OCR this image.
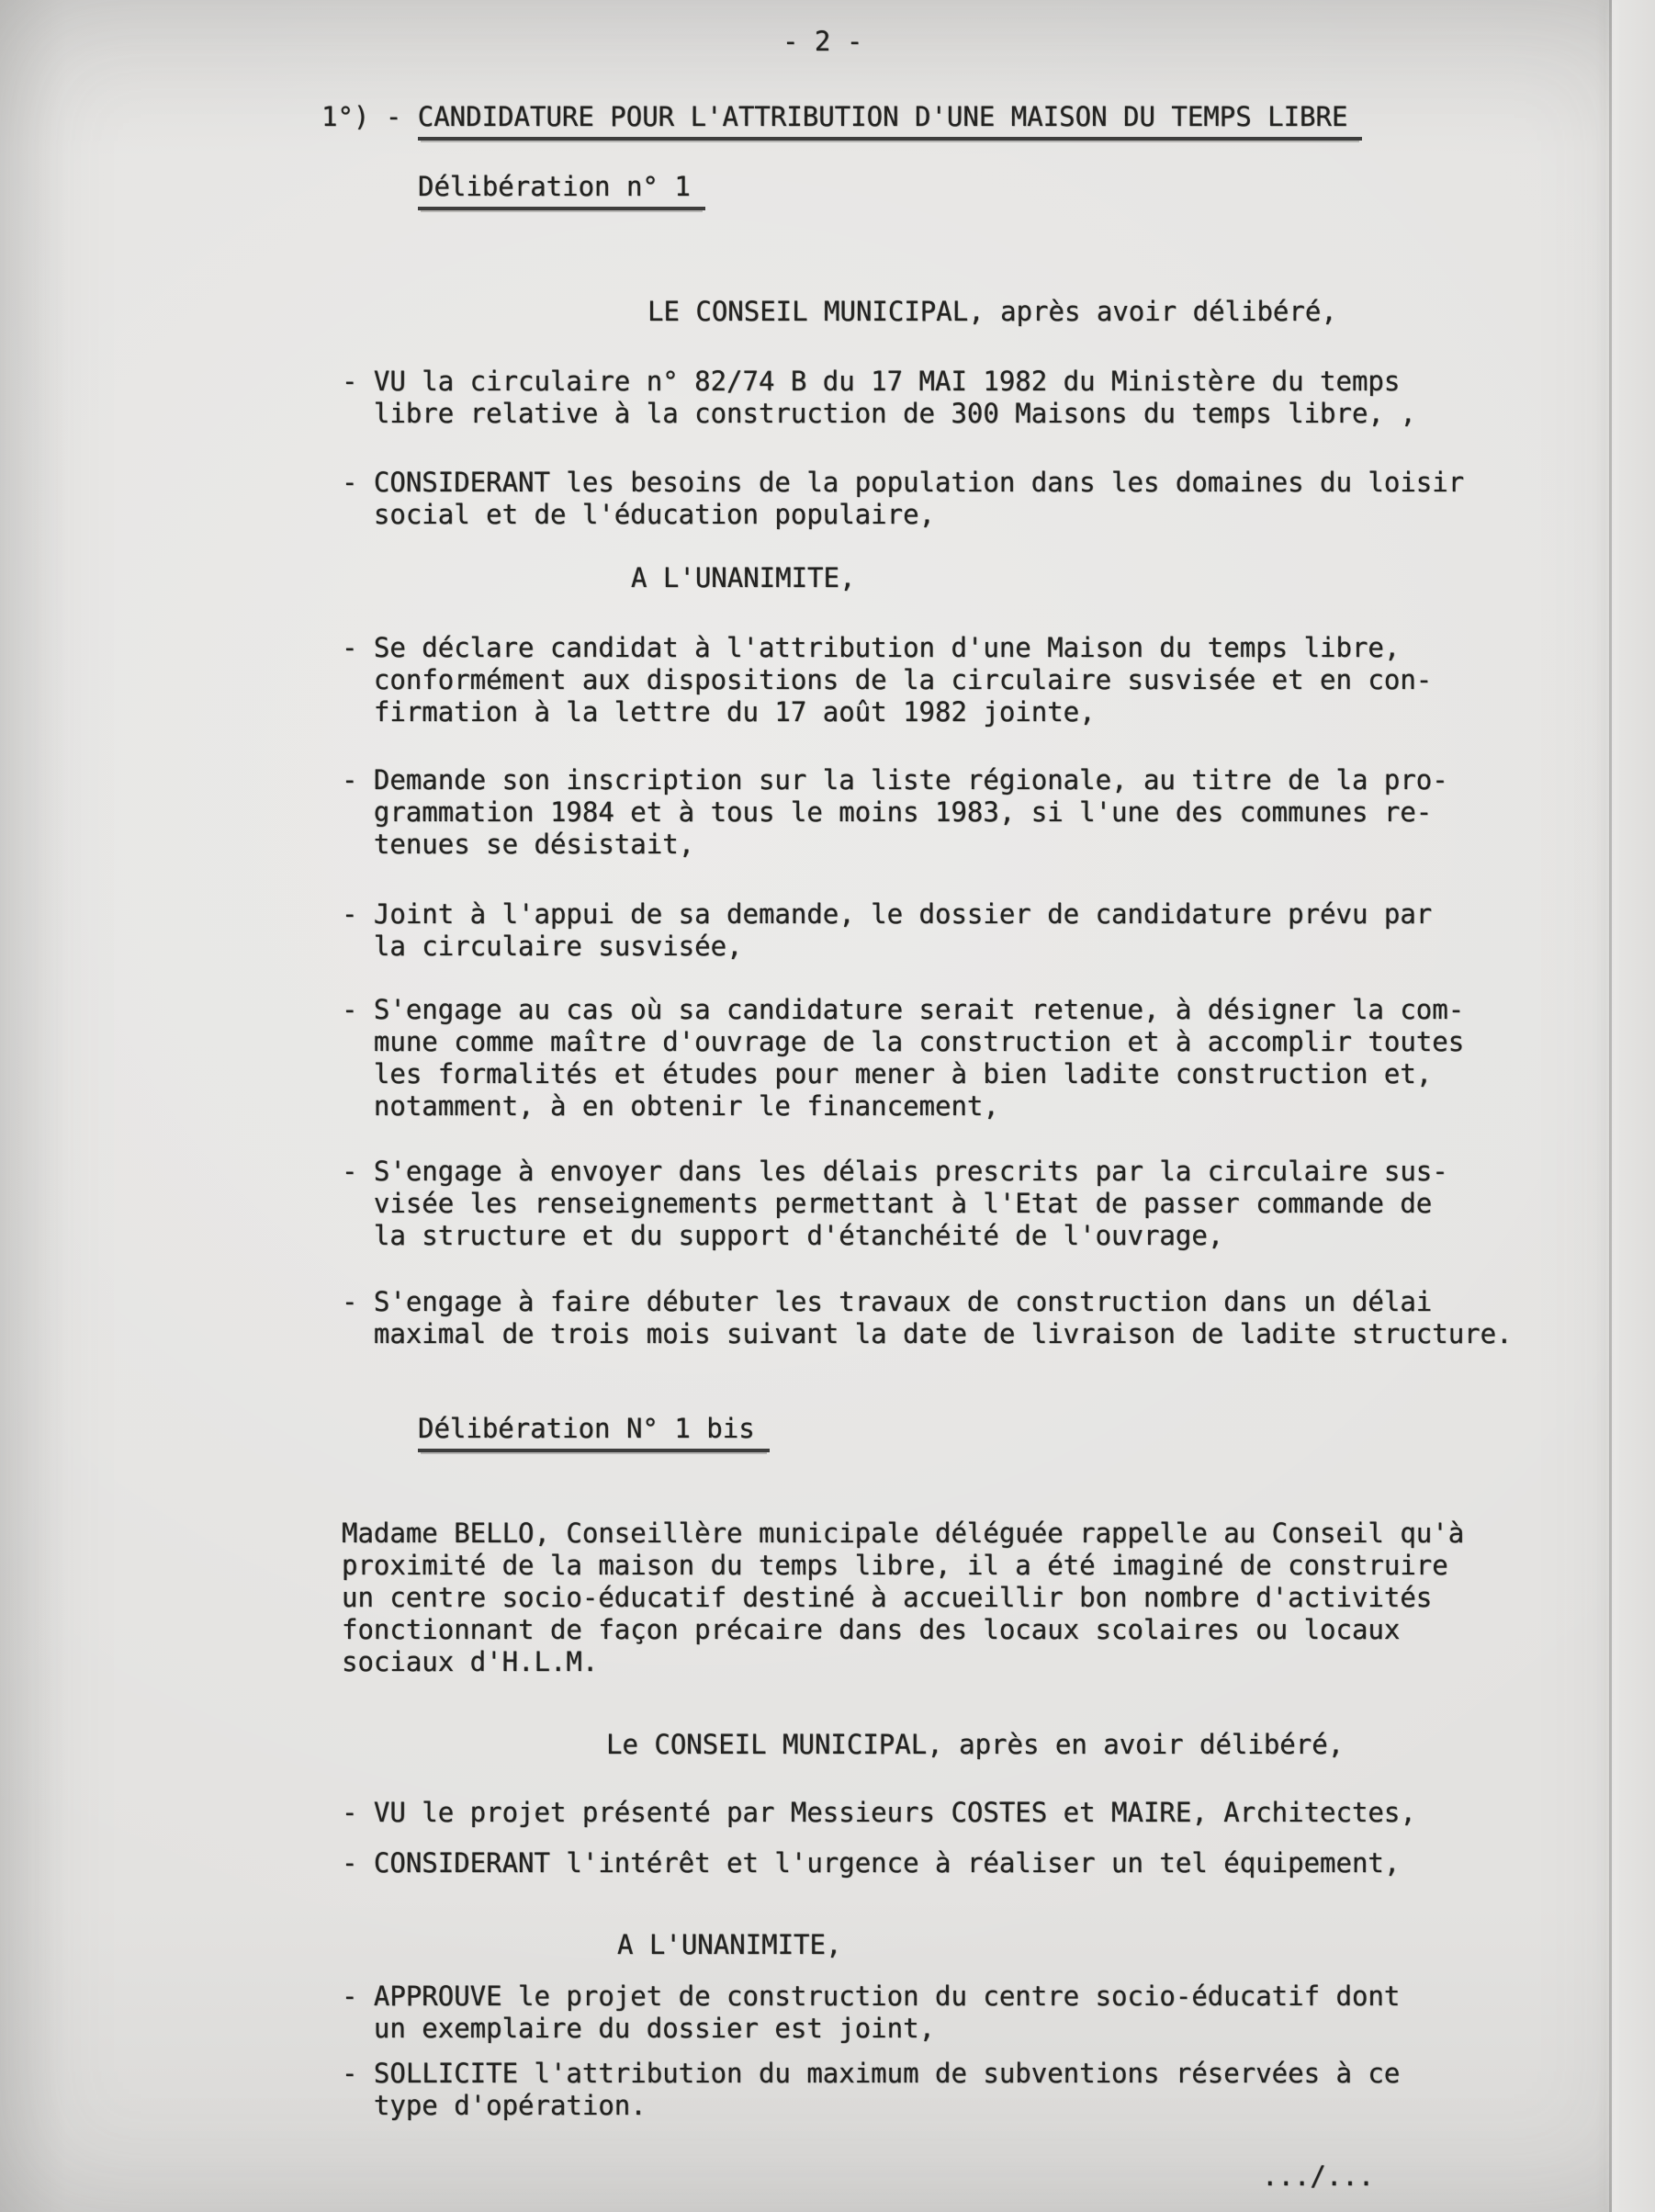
- 2 -
1°) - CANDIDATURE POUR L'ATTRIBUTION D'UNE MAISON DU TEMPS LIBRE
Délibération n° 1
LE CONSEIL MUNICIPAL, après avoir délibéré,
- VU la circulaire n° 82/74 B du 17 MAI 1982 du Ministère du temps
libre relative à la construction de 300 Maisons du temps libre, ,
- CONSIDERANT les besoins de la population dans les domaines du loisir
social et de l'éducation populaire,
A L'UNANIMITE,
- Se déclare candidat à l'attribution d'une Maison du temps libre,
conformément aux dispositions de la circulaire susvisée et en con-
firmation à la lettre du 17 août 1982 jointe,
- Demande son inscription sur la liste régionale, au titre de la pro-
grammation 1984 et à tous le moins 1983, si l'une des communes re-
tenues se désistait,
- Joint à l'appui de sa demande, le dossier de candidature prévu par
la circulaire susvisée,
- S'engage au cas où sa candidature serait retenue, à désigner la com-
mune comme maître d'ouvrage de la construction et à accomplir toutes
les formalités et études pour mener à bien ladite construction et,
notamment, à en obtenir le financement,
- S'engage à envoyer dans les délais prescrits par la circulaire sus-
visée les renseignements permettant à l'Etat de passer commande de
la structure et du support d'étanchéité de l'ouvrage,
- S'engage à faire débuter les travaux de construction dans un délai
maximal de trois mois suivant la date de livraison de ladite structure.
Délibération N° 1 bis
Madame BELLO, Conseillère municipale déléguée rappelle au Conseil qu'à
proximité de la maison du temps libre, il a été imaginé de construire
un centre socio-éducatif destiné à accueillir bon nombre d'activités
fonctionnant de façon précaire dans des locaux scolaires ou locaux
sociaux d'H.L.M.
Le CONSEIL MUNICIPAL, après en avoir délibéré,
- VU le projet présenté par Messieurs COSTES et MAIRE, Architectes,
- CONSIDERANT l'intérêt et l'urgence à réaliser un tel équipement,
A L'UNANIMITE,
- APPROUVE le projet de construction du centre socio-éducatif dont
un exemplaire du dossier est joint,
- SOLLICITE l'attribution du maximum de subventions réservées à ce
type d'opération.
.../...
